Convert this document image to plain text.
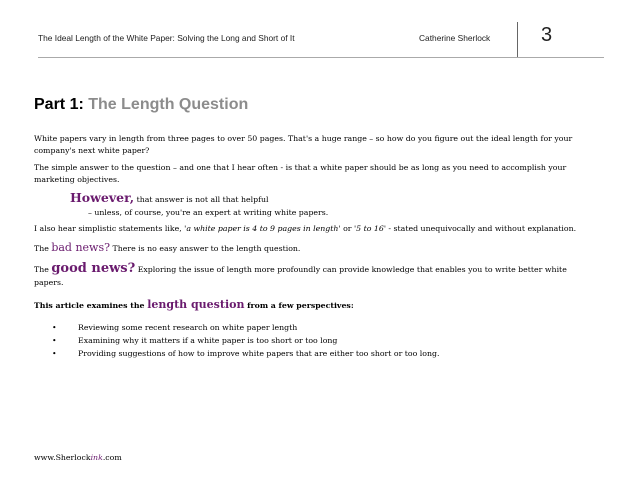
The Ideal Length of the White Paper: Solving the Long and Short of It	Catherine Sherlock	3
Part 1: The Length Question

White papers vary in length from three pages to over 50 pages. That's a huge range – so how do you figure out the ideal length for your company's next white paper?

The simple answer to the question – and one that I hear often - is that a white paper should be as long as you need to accomplish your marketing objectives.

However, that answer is not all that helpful

– unless, of course, you're an expert at writing white papers.

I also hear simplistic statements like, 'a white paper is 4 to 9 pages in length' or '5 to 16' - stated unequivocally and without explanation.

The bad news? There is no easy answer to the length question.

The good news? Exploring the issue of length more profoundly can provide knowledge that enables you to write better white papers.

This article examines the length question from a few perspectives:

•	Reviewing some recent research on white paper length
•	Examining why it matters if a white paper is too short or too long
•	Providing suggestions of how to improve white papers that are either too short or too long.
www.Sherlockink.com
